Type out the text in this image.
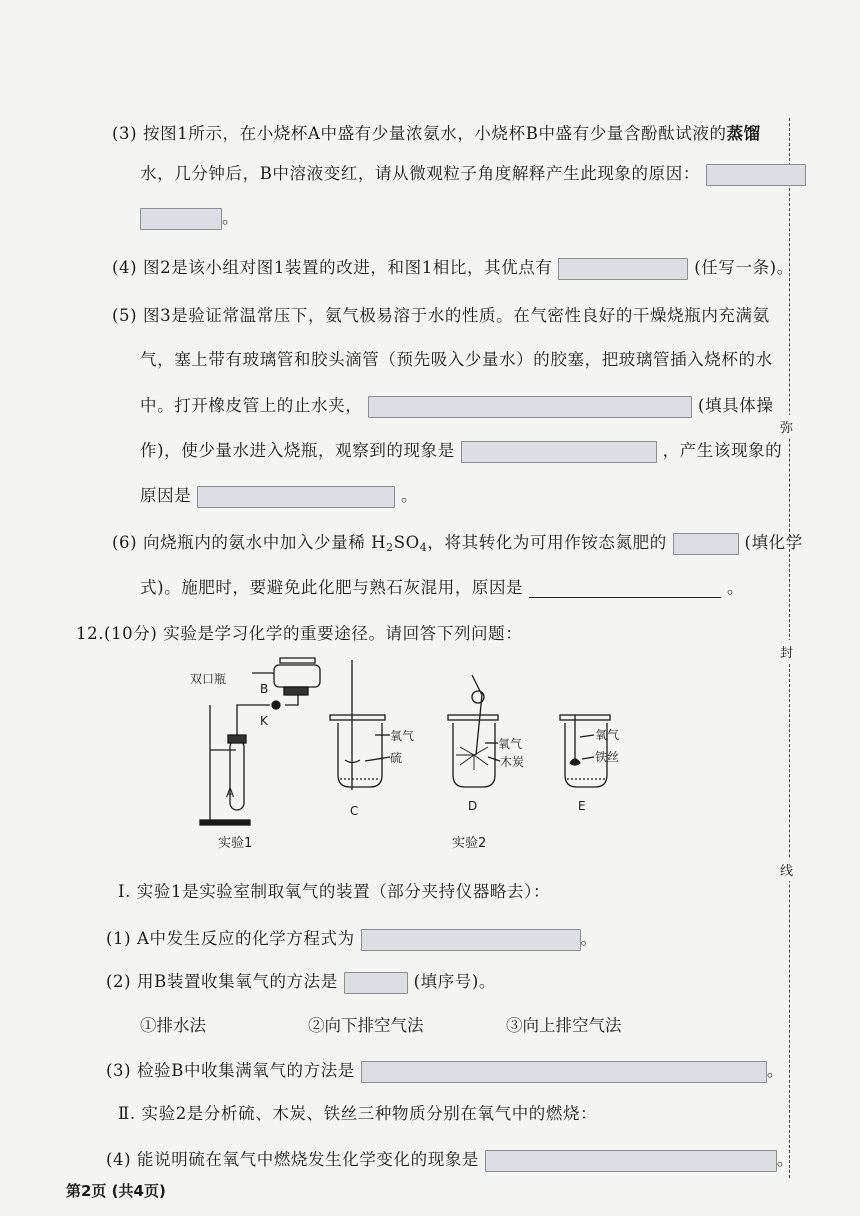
弥
封
线
(3) 按图1所示，在小烧杯A中盛有少量浓氨水，小烧杯B中盛有少量含酚酞试液的蒸馏
水，几分钟后，B中溶液变红，请从微观粒子角度解释产生此现象的原因：
。
(4) 图2是该小组对图1装置的改进，和图1相比，其优点有	(任写一条)。
(5) 图3是验证常温常压下，氨气极易溶于水的性质。在气密性良好的干燥烧瓶内充满氨
气，塞上带有玻璃管和胶头滴管（预先吸入少量水）的胶塞，把玻璃管插入烧杯的水
中。打开橡皮管上的止水夹，	(填具体操
作)，使少量水进入烧瓶，观察到的现象是	，产生该现象的
原因是	。
(6) 向烧瓶内的氨水中加入少量稀 $H_2SO_4$，将其转化为可用作铵态氮肥的	(填化学
式)。施肥时，要避免此化肥与熟石灰混用，原因是	。
12.(10分) 实验是学习化学的重要途径。请回答下列问题：
双口瓶
B
K
A
实验1
C
氧气
硫
D
氧气
木炭
E
氧气
铁丝
实验2
Ⅰ. 实验1是实验室制取氧气的装置（部分夹持仪器略去）：
(1) A中发生反应的化学方程式为	。
(2) 用B装置收集氧气的方法是	(填序号)。
①排水法	②向下排空气法	③向上排空气法
(3) 检验B中收集满氧气的方法是	。
Ⅱ. 实验2是分析硫、木炭、铁丝三种物质分别在氧气中的燃烧：
(4) 能说明硫在氧气中燃烧发生化学变化的现象是	。
第2页 (共4页)
